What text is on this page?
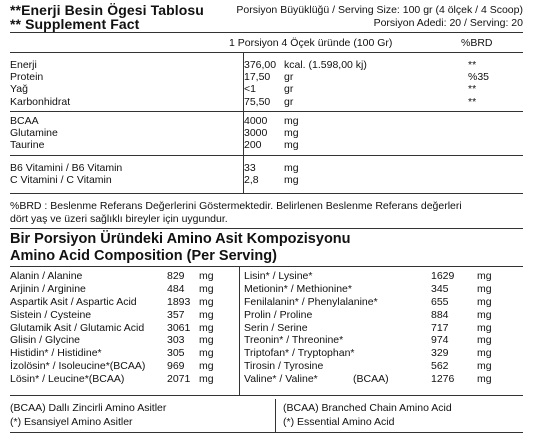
**Enerji Besin Ögesi Tablosu
** Supplement Fact
Porsiyon Büyüklüğü / Serving Size: 100 gr (4 ölçek / 4 Scoop)
Porsiyon Adedi: 20 / Serving: 20
1 Porsiyon 4 Öçek üründe (100 Gr)	%BRD
Enerji	376,00 kcal. (1.598,00 kj)	**
Protein	17,50 gr	%35
Yağ	<1	gr	**
Karbonhidrat	75,50 gr	**
BCAA	4000 mg
Glutamine	3000 mg
Taurine	200 mg
B6 Vitamini / B6 Vitamin	33	mg
C Vitamini / C Vitamin	2,8 mg
%BRD : Beslenme Referans Değerlerini Göstermektedir. Belirlenen Beslenme Referans değerleri
dört yaş ve üzeri sağlıklı bireyler için uygundur.
Bir Porsiyon Üründeki Amino Asit Kompozisyonu
Amino Acid Composition (Per Serving)
Alanin / Alanine	829 mg
Arjinin / Arginine	484 mg
Aspartik Asit / Aspartic Acid	1893 mg
Sistein / Cysteine	357 mg
Glutamik Asit / Glutamic Acid 3061 mg
Glisin / Glycine	303 mg
Histidin* / Histidine*	305 mg
İzolösin* / Isoleucine*(BCAA) 969 mg
Lösin* / Leucine*(BCAA)	2071 mg
Lisin* / Lysine*	1629 mg
Metionin* / Methionine*	345	mg
Fenilalanin* / Phenylalanine*	655	mg
Prolin / Proline	884	mg
Serin / Serine	717	mg
Treonin* / Threonine*	974	mg
Triptofan* / Tryptophan*	329	mg
Tirosin / Tyrosine	562	mg
Valine* / Valine*	(BCAA)	1276 mg
(BCAA) Dallı Zincirli Amino Asitler
(*) Esansiyel Amino Asitler
(BCAA) Branched Chain Amino Acid
(*) Essential Amino Acid
